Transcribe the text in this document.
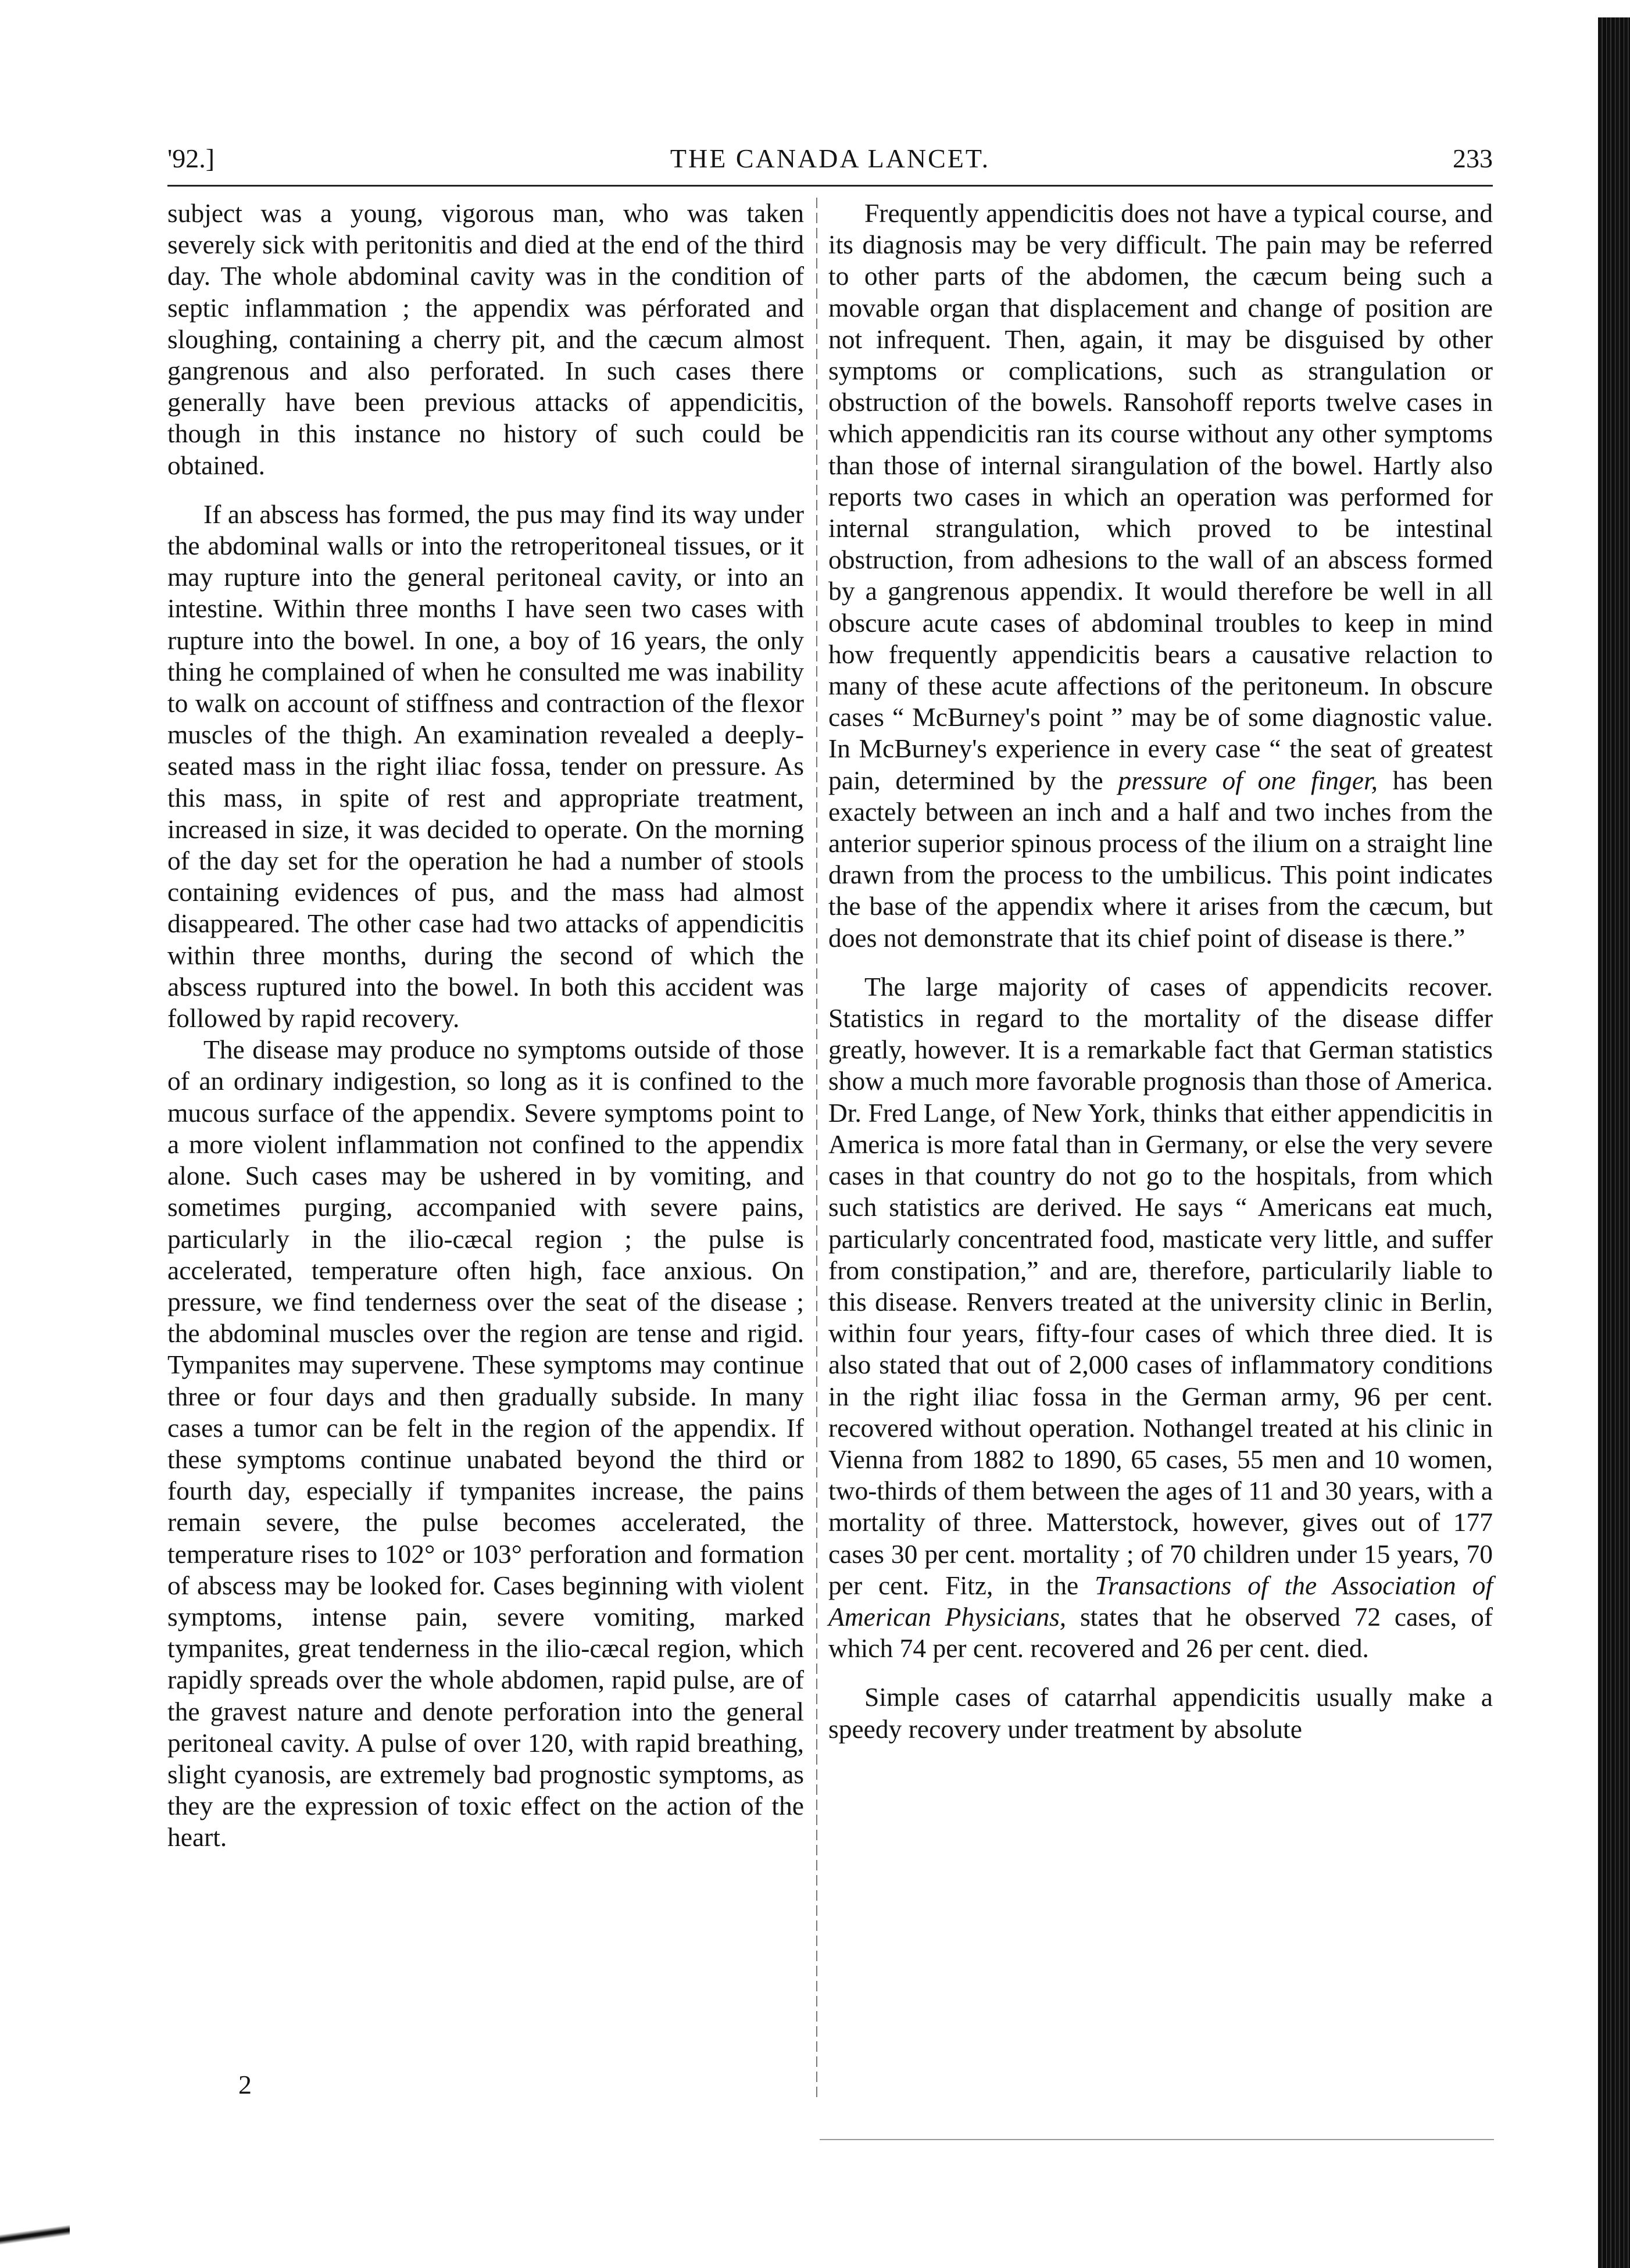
'92.]	THE CANADA LANCET.	233

subject was a young, vigorous man, who was taken severely sick with peritonitis and died at the end of the third day. The whole abdominal cavity was in the condition of septic inflammation ; the appendix was pérforated and sloughing, containing a cherry pit, and the cæcum almost gangrenous and also perforated. In such cases there generally have been previous attacks of appendicitis, though in this instance no history of such could be obtained.

If an abscess has formed, the pus may find its way under the abdominal walls or into the retroperitoneal tissues, or it may rupture into the general peritoneal cavity, or into an intestine. Within three months I have seen two cases with rupture into the bowel. In one, a boy of 16 years, the only thing he complained of when he consulted me was inability to walk on account of stiffness and contraction of the flexor muscles of the thigh. An examination revealed a deeply-seated mass in the right iliac fossa, tender on pressure. As this mass, in spite of rest and appropriate treatment, increased in size, it was decided to operate. On the morning of the day set for the operation he had a number of stools containing evidences of pus, and the mass had almost disappeared. The other case had two attacks of appendicitis within three months, during the second of which the abscess ruptured into the bowel. In both this accident was followed by rapid recovery.

The disease may produce no symptoms outside of those of an ordinary indigestion, so long as it is confined to the mucous surface of the appendix. Severe symptoms point to a more violent inflammation not confined to the appendix alone. Such cases may be ushered in by vomiting, and sometimes purging, accompanied with severe pains, particularly in the ilio-cæcal region ; the pulse is accelerated, temperature often high, face anxious. On pressure, we find tenderness over the seat of the disease ; the abdominal muscles over the region are tense and rigid. Tympanites may supervene. These symptoms may continue three or four days and then gradually subside. In many cases a tumor can be felt in the region of the appendix. If these symptoms continue unabated beyond the third or fourth day, especially if tympanites increase, the pains remain severe, the pulse becomes accelerated, the temperature rises to 102° or 103° perforation and formation of abscess may be looked for. Cases beginning with violent symptoms, intense pain, severe vomiting, marked tympanites, great tenderness in the ilio-cæcal region, which rapidly spreads over the whole abdomen, rapid pulse, are of the gravest nature and denote perforation into the general peritoneal cavity. A pulse of over 120, with rapid breathing, slight cyanosis, are extremely bad prognostic symptoms, as they are the expression of toxic effect on the action of the heart.

Frequently appendicitis does not have a typical course, and its diagnosis may be very difficult. The pain may be referred to other parts of the abdomen, the cæcum being such a movable organ that displacement and change of position are not infrequent. Then, again, it may be disguised by other symptoms or complications, such as strangulation or obstruction of the bowels. Ransohoff reports twelve cases in which appendicitis ran its course without any other symptoms than those of internal sirangulation of the bowel. Hartly also reports two cases in which an operation was performed for internal strangulation, which proved to be intestinal obstruction, from adhesions to the wall of an abscess formed by a gangrenous appendix. It would therefore be well in all obscure acute cases of abdominal troubles to keep in mind how frequently appendicitis bears a causative relaction to many of these acute affections of the peritoneum. In obscure cases “ McBurney's point ” may be of some diagnostic value. In McBurney's experience in every case “ the seat of greatest pain, determined by the pressure of one finger, has been exactely between an inch and a half and two inches from the anterior superior spinous process of the ilium on a straight line drawn from the process to the umbilicus. This point indicates the base of the appendix where it arises from the cæcum, but does not demonstrate that its chief point of disease is there.”

The large majority of cases of appendicits recover. Statistics in regard to the mortality of the disease differ greatly, however. It is a remarkable fact that German statistics show a much more favorable prognosis than those of America. Dr. Fred Lange, of New York, thinks that either appendicitis in America is more fatal than in Germany, or else the very severe cases in that country do not go to the hospitals, from which such statistics are derived. He says “ Americans eat much, particularly concentrated food, masticate very little, and suffer from constipation,” and are, therefore, particularily liable to this disease. Renvers treated at the university clinic in Berlin, within four years, fifty-four cases of which three died. It is also stated that out of 2,000 cases of inflammatory conditions in the right iliac fossa in the German army, 96 per cent. recovered without operation. Nothangel treated at his clinic in Vienna from 1882 to 1890, 65 cases, 55 men and 10 women, two-thirds of them between the ages of 11 and 30 years, with a mortality of three. Matterstock, however, gives out of 177 cases 30 per cent. mortality ; of 70 children under 15 years, 70 per cent. Fitz, in the Transactions of the Association of American Physicians, states that he observed 72 cases, of which 74 per cent. recovered and 26 per cent. died.

Simple cases of catarrhal appendicitis usually make a speedy recovery under treatment by absolute

2
